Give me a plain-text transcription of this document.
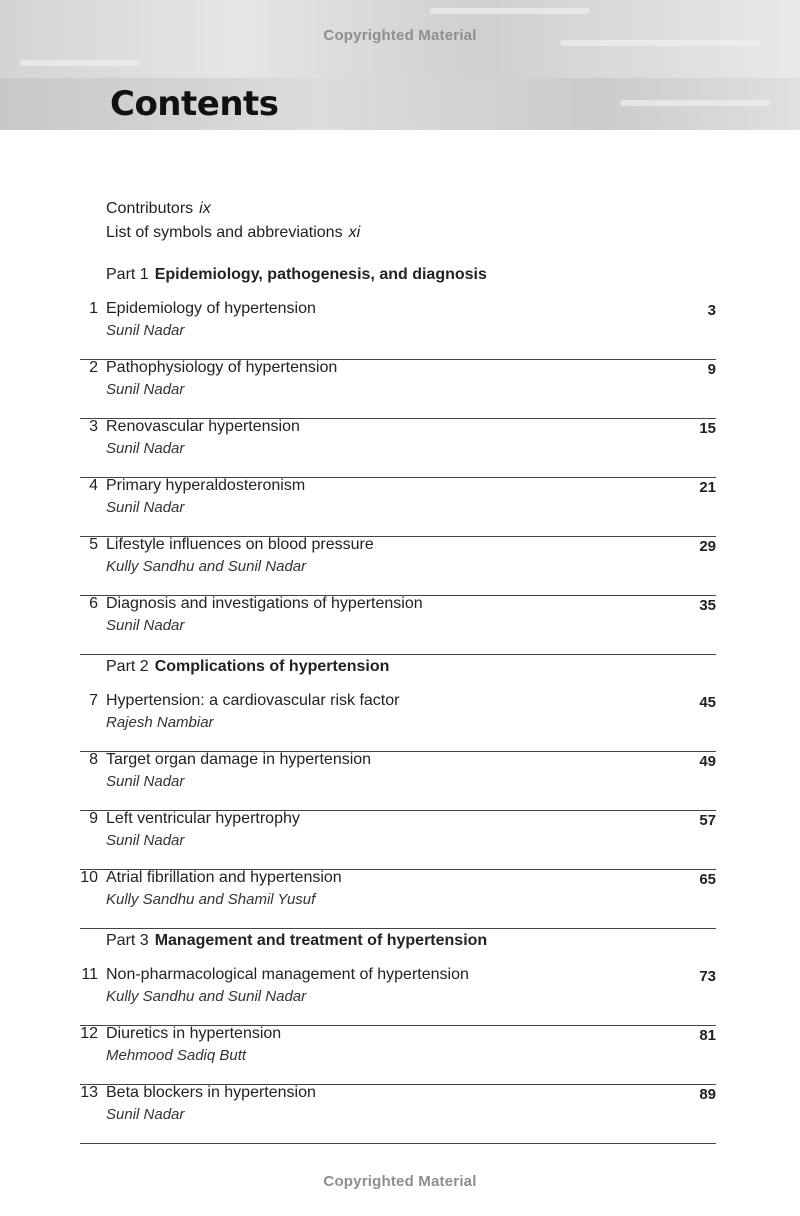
Copyrighted Material
Contents
Contributors ix
List of symbols and abbreviations xi
Part 1 Epidemiology, pathogenesis, and diagnosis
1 Epidemiology of hypertension
Sunil Nadar
3
2 Pathophysiology of hypertension
Sunil Nadar
9
3 Renovascular hypertension
Sunil Nadar
15
4 Primary hyperaldosteronism
Sunil Nadar
21
5 Lifestyle influences on blood pressure
Kully Sandhu and Sunil Nadar
29
6 Diagnosis and investigations of hypertension
Sunil Nadar
35
Part 2 Complications of hypertension
7 Hypertension: a cardiovascular risk factor
Rajesh Nambiar
45
8 Target organ damage in hypertension
Sunil Nadar
49
9 Left ventricular hypertrophy
Sunil Nadar
57
10 Atrial fibrillation and hypertension
Kully Sandhu and Shamil Yusuf
65
Part 3 Management and treatment of hypertension
11 Non-pharmacological management of hypertension
Kully Sandhu and Sunil Nadar
73
12 Diuretics in hypertension
Mehmood Sadiq Butt
81
13 Beta blockers in hypertension
Sunil Nadar
89
Copyrighted Material
